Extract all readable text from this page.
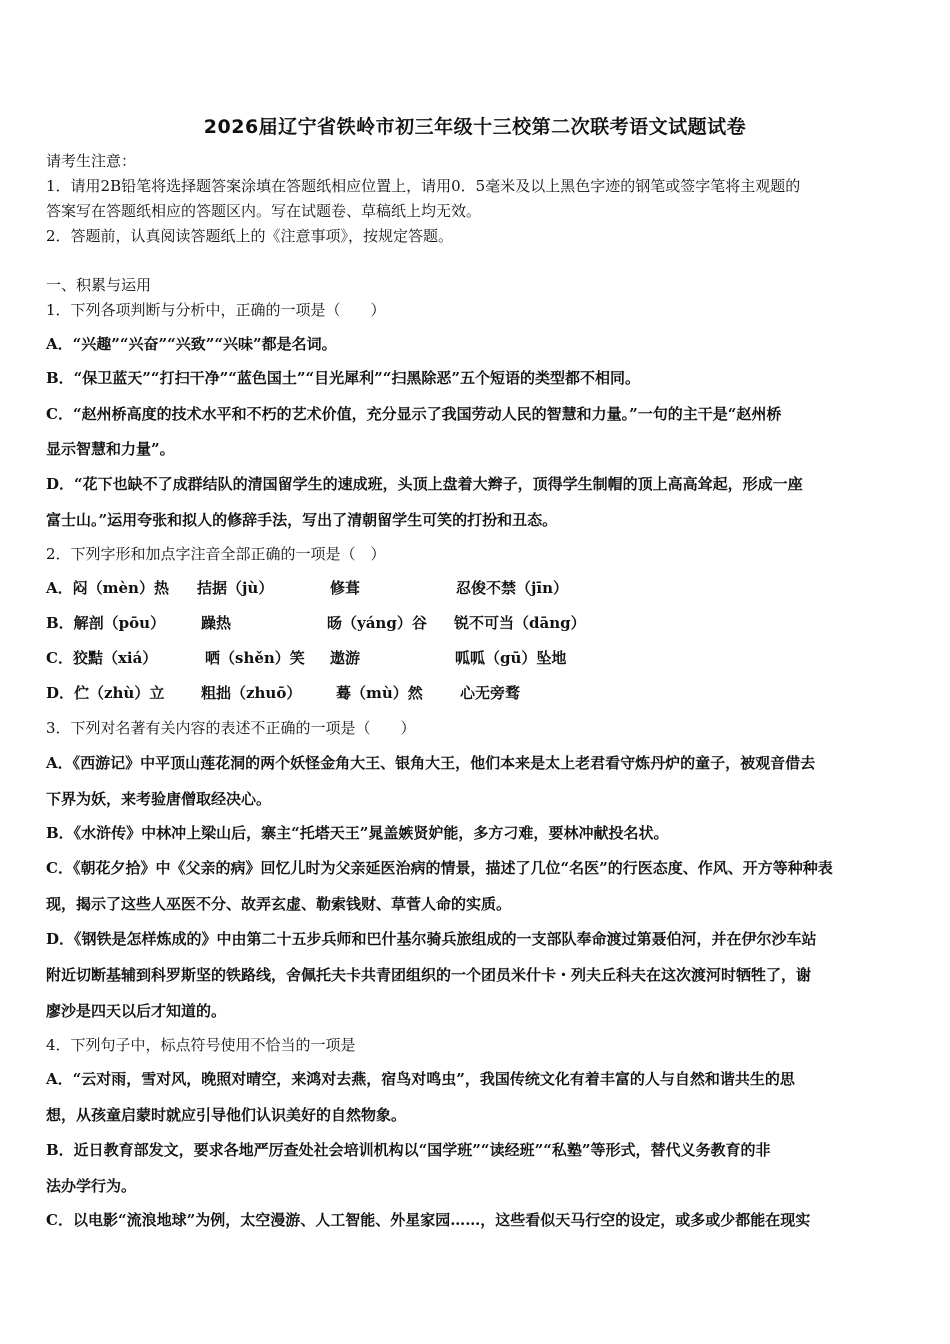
2026届辽宁省铁岭市初三年级十三校第二次联考语文试题试卷
请考生注意：
1．请用2B铅笔将选择题答案涂填在答题纸相应位置上，请用0．5毫米及以上黑色字迹的钢笔或签字笔将主观题的
答案写在答题纸相应的答题区内。写在试题卷、草稿纸上均无效。
2．答题前，认真阅读答题纸上的《注意事项》，按规定答题。
一、积累与运用
1．下列各项判断与分析中，正确的一项是（　　）
A．“兴趣”“兴奋”“兴致”“兴味”都是名词。
B．“保卫蓝天”“打扫干净”“蓝色国土”“目光犀利”“扫黑除恶”五个短语的类型都不相同。
C．“赵州桥高度的技术水平和不朽的艺术价值，充分显示了我国劳动人民的智慧和力量。”一句的主干是“赵州桥
显示智慧和力量”。
D．“花下也缺不了成群结队的清国留学生的速成班，头顶上盘着大辫子，顶得学生制帽的顶上高高耸起，形成一座
富士山。”运用夸张和拟人的修辞手法，写出了清朝留学生可笑的打扮和丑态。
2．下列字形和加点字注音全部正确的一项是（　）
A．闷（mèn）热 拮据（jù）	修葺	忍俊不禁（jīn）
B．解剖（pōu） 躁热	旸（yáng）谷 锐不可当（dāng）
C．狡黠（xiá）	哂（shěn）笑 遨游	呱呱（gū）坠地
D．伫（zhù）立 粗拙（zhuō） 蓦（mù）然 心无旁骛
3．下列对名著有关内容的表述不正确的一项是（　　）
A．《西游记》中平顶山莲花洞的两个妖怪金角大王、银角大王，他们本来是太上老君看守炼丹炉的童子，被观音借去
下界为妖，来考验唐僧取经决心。
B．《水浒传》中林冲上梁山后，寨主“托塔天王”晁盖嫉贤妒能，多方刁难，要林冲献投名状。
C．《朝花夕拾》中《父亲的病》回忆儿时为父亲延医治病的情景，描述了几位“名医”的行医态度、作风、开方等种种表
现，揭示了这些人巫医不分、故弄玄虚、勒索钱财、草菅人命的实质。
D．《钢铁是怎样炼成的》中由第二十五步兵师和巴什基尔骑兵旅组成的一支部队奉命渡过第聂伯河，并在伊尔沙车站
附近切断基辅到科罗斯坚的铁路线，舍佩托夫卡共青团组织的一个团员米什卡・列夫丘科夫在这次渡河时牺牲了，谢
廖沙是四天以后才知道的。
4．下列句子中，标点符号使用不恰当的一项是
A．“云对雨，雪对风，晚照对晴空，来鸿对去燕，宿鸟对鸣虫”，我国传统文化有着丰富的人与自然和谐共生的思
想，从孩童启蒙时就应引导他们认识美好的自然物象。
B．近日教育部发文，要求各地严厉查处社会培训机构以“国学班”“读经班”“私塾”等形式，替代义务教育的非
法办学行为。
C．以电影“流浪地球”为例，太空漫游、人工智能、外星家园……，这些看似天马行空的设定，或多或少都能在现实
